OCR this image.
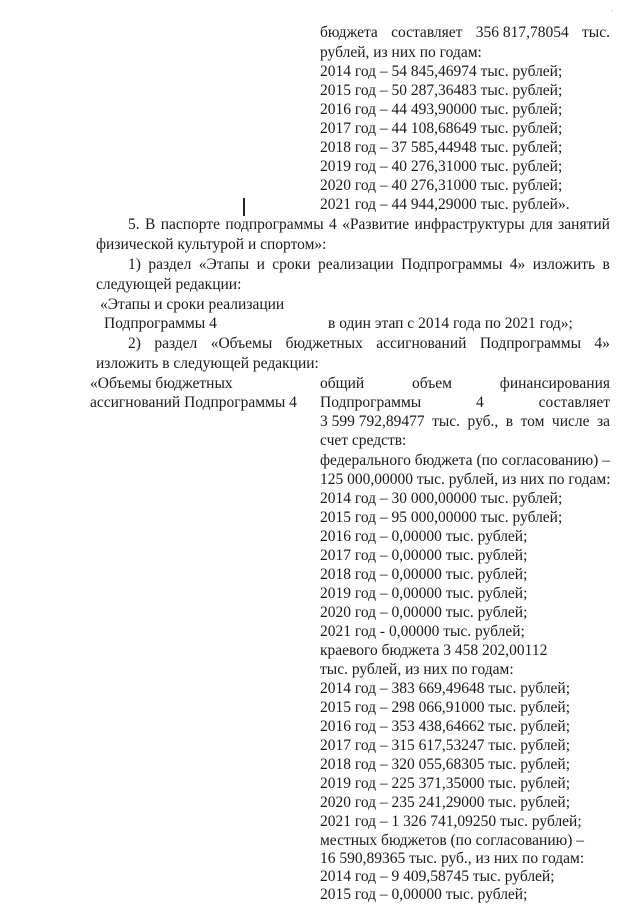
бюджета составляет 356 817,78054 тыс.
рублей, из них по годам:
2014 год – 54 845,46974 тыс. рублей;
2015 год – 50 287,36483 тыс. рублей;
2016 год – 44 493,90000 тыс. рублей;
2017 год – 44 108,68649 тыс. рублей;
2018 год – 37 585,44948 тыс. рублей;
2019 год – 40 276,31000 тыс. рублей;
2020 год – 40 276,31000 тыс. рублей;
2021 год – 44 944,29000 тыс. рублей».
5. В паспорте подпрограммы 4 «Развитие инфраструктуры для занятий
физической культурой и спортом»:
1) раздел «Этапы и сроки реализации Подпрограммы 4» изложить в
следующей редакции:
«Этапы и сроки реализации
Подпрограммы 4	в один этап с 2014 года по 2021 год»;
2) раздел «Объемы бюджетных ассигнований Подпрограммы 4»
изложить в следующей редакции:
«Объемы бюджетных
ассигнований Подпрограммы 4
общий	объем	финансирования
Подпрограммы	4	составляет
3 599 792,89477 тыс. руб., в том числе за
счет средств:
федерального бюджета (по согласованию) –
125 000,00000 тыс. рублей, из них по годам:
2014 год – 30 000,00000 тыс. рублей;
2015 год – 95 000,00000 тыс. рублей;
2016 год – 0,00000 тыс. рублей;
2017 год – 0,00000 тыс. рублей;
2018 год – 0,00000 тыс. рублей;
2019 год – 0,00000 тыс. рублей;
2020 год – 0,00000 тыс. рублей;
2021 год - 0,00000 тыс. рублей;
краевого бюджета 3 458 202,00112
тыс. рублей, из них по годам:
2014 год – 383 669,49648 тыс. рублей;
2015 год – 298 066,91000 тыс. рублей;
2016 год – 353 438,64662 тыс. рублей;
2017 год – 315 617,53247 тыс. рублей;
2018 год – 320 055,68305 тыс. рублей;
2019 год – 225 371,35000 тыс. рублей;
2020 год – 235 241,29000 тыс. рублей;
2021 год – 1 326 741,09250 тыс. рублей;
местных бюджетов (по согласованию) –
16 590,89365 тыс. руб., из них по годам:
2014 год – 9 409,58745 тыс. рублей;
2015 год – 0,00000 тыс. рублей;
